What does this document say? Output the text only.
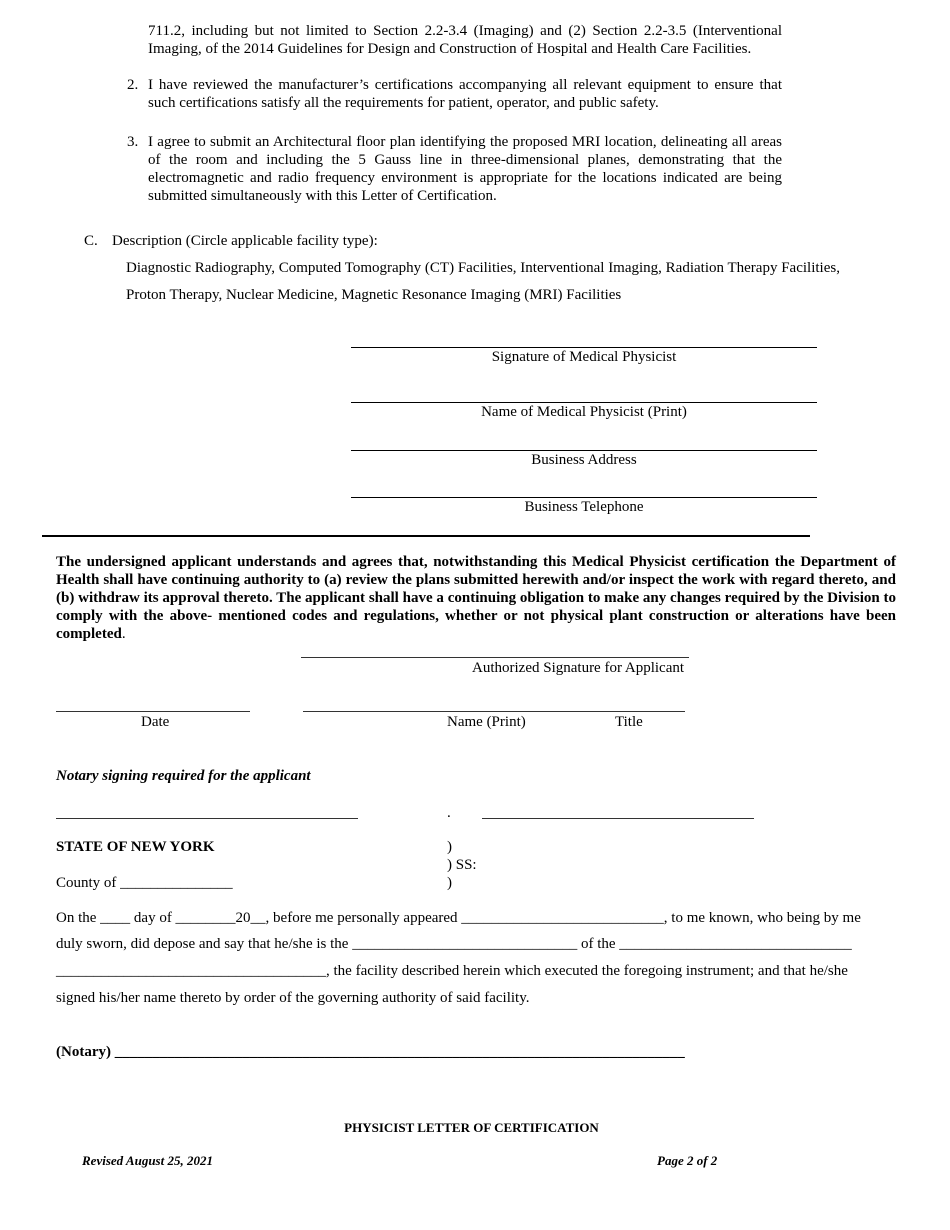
711.2, including but not limited to Section 2.2-3.4 (Imaging) and (2) Section 2.2-3.5 (Interventional Imaging, of the 2014 Guidelines for Design and Construction of Hospital and Health Care Facilities.
2. I have reviewed the manufacturer’s certifications accompanying all relevant equipment to ensure that such certifications satisfy all the requirements for patient, operator, and public safety.
3. I agree to submit an Architectural floor plan identifying the proposed MRI location, delineating all areas of the room and including the 5 Gauss line in three-dimensional planes, demonstrating that the electromagnetic and radio frequency environment is appropriate for the locations indicated are being submitted simultaneously with this Letter of Certification.
C. Description (Circle applicable facility type):
Diagnostic Radiography, Computed Tomography (CT) Facilities, Interventional Imaging, Radiation Therapy Facilities,
Proton Therapy, Nuclear Medicine, Magnetic Resonance Imaging (MRI) Facilities
Signature of Medical Physicist
Name of Medical Physicist (Print)
Business Address
Business Telephone
The undersigned applicant understands and agrees that, notwithstanding this Medical Physicist certification the Department of Health shall have continuing authority to (a) review the plans submitted herewith and/or inspect the work with regard thereto, and (b) withdraw its approval thereto. The applicant shall have a continuing obligation to make any changes required by the Division to comply with the above- mentioned codes and regulations, whether or not physical plant construction or alterations have been completed.
Authorized Signature for Applicant
Date	Name (Print)	Title
Notary signing required for the applicant
.
STATE OF NEW YORK	)
) SS:
)
County of _______________
On the ____ day of ________20__, before me personally appeared ___________________________, to me known, who being by me
duly sworn, did depose and say that he/she is the ______________________________ of the _______________________________
____________________________________, the facility described herein which executed the foregoing instrument; and that he/she
signed his/her name thereto by order of the governing authority of said facility.
(Notary) ____________________________________________________________________________
PHYSICIST LETTER OF CERTIFICATION
Revised August 25, 2021	Page 2 of 2
